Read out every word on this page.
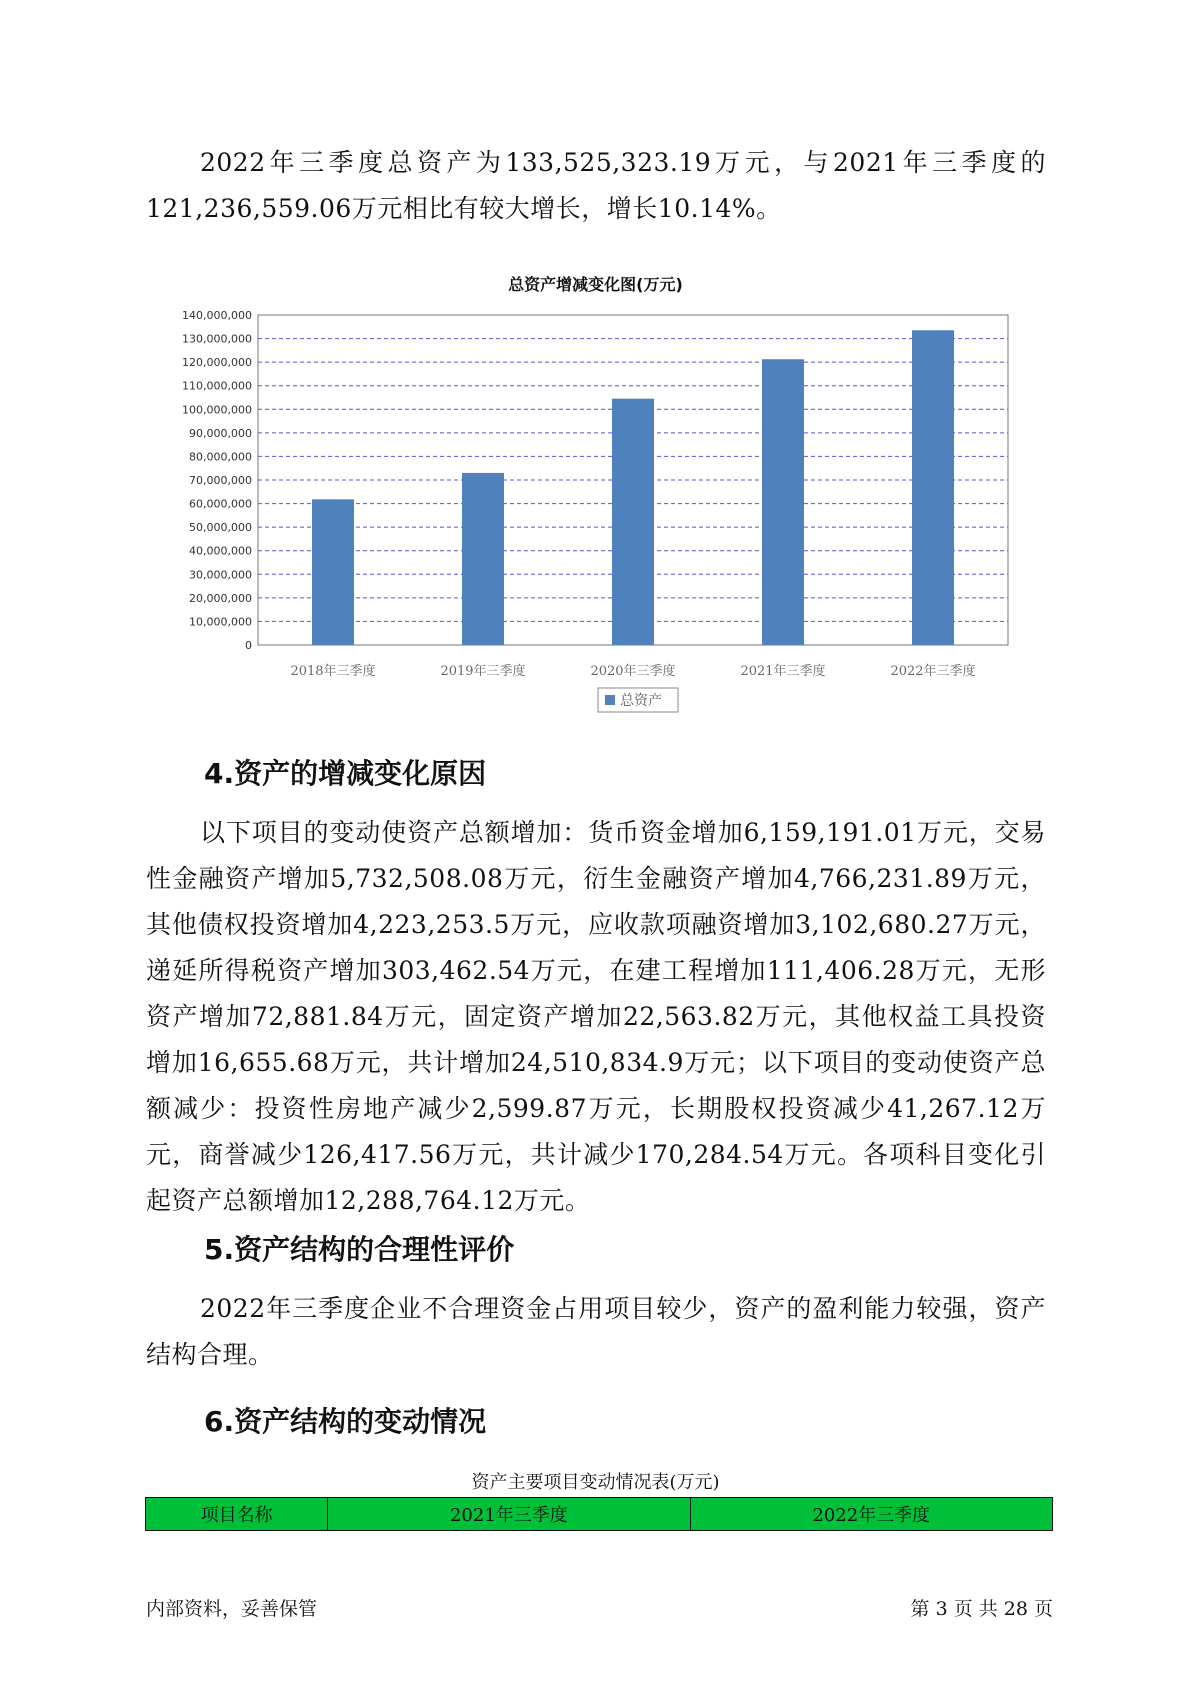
2022年三季度总资产为133,525,323.19万元，与2021年三季度的121,236,559.06万元相比有较大增长，增长10.14%。

总资产增减变化图(万元)
0
10,000,000
20,000,000
30,000,000
40,000,000
50,000,000
60,000,000
70,000,000
80,000,000
90,000,000
100,000,000
110,000,000
120,000,000
130,000,000
140,000,000
2018年三季度	2019年三季度	2020年三季度	2021年三季度	2022年三季度
总资产
4.资产的增减变化原因

以下项目的变动使资产总额增加：货币资金增加6,159,191.01万元，交易性金融资产增加5,732,508.08万元，衍生金融资产增加4,766,231.89万元，其他债权投资增加4,223,253.5万元，应收款项融资增加3,102,680.27万元，递延所得税资产增加303,462.54万元，在建工程增加111,406.28万元，无形资产增加72,881.84万元，固定资产增加22,563.82万元，其他权益工具投资增加16,655.68万元，共计增加24,510,834.9万元；以下项目的变动使资产总额减少：投资性房地产减少2,599.87万元，长期股权投资减少41,267.12万元，商誉减少126,417.56万元，共计减少170,284.54万元。各项科目变化引起资产总额增加12,288,764.12万元。

5.资产结构的合理性评价

2022年三季度企业不合理资金占用项目较少，资产的盈利能力较强，资产结构合理。

6.资产结构的变动情况
资产主要项目变动情况表(万元)
项目名称	2021年三季度	2022年三季度
内部资料，妥善保管	第 3 页 共 28 页
